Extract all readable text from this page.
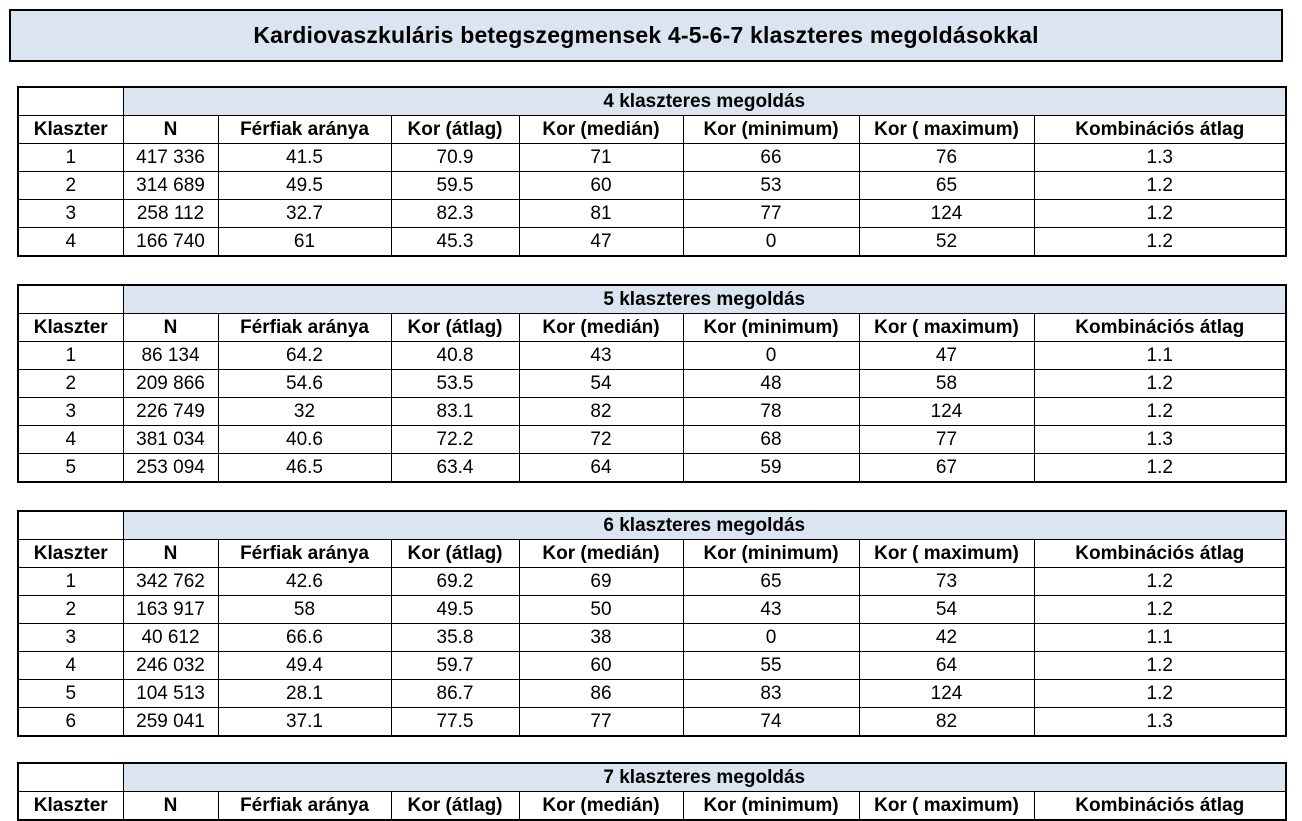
Kardiovaszkuláris betegszegmensek 4-5-6-7 klaszteres megoldásokkal
	4 klaszteres megoldás						
Klaszter	N	Férfiak aránya	Kor (átlag)	Kor (medián)	Kor (minimum)	Kor ( maximum)	Kombinációs átlag
1	417 336	41.5	70.9	71	66	76	1.3
2	314 689	49.5	59.5	60	53	65	1.2
3	258 112	32.7	82.3	81	77	124	1.2
4	166 740	61	45.3	47	0	52	1.2
	5 klaszteres megoldás						
Klaszter	N	Férfiak aránya	Kor (átlag)	Kor (medián)	Kor (minimum)	Kor ( maximum)	Kombinációs átlag
1	86 134	64.2	40.8	43	0	47	1.1
2	209 866	54.6	53.5	54	48	58	1.2
3	226 749	32	83.1	82	78	124	1.2
4	381 034	40.6	72.2	72	68	77	1.3
5	253 094	46.5	63.4	64	59	67	1.2
	6 klaszteres megoldás						
Klaszter	N	Férfiak aránya	Kor (átlag)	Kor (medián)	Kor (minimum)	Kor ( maximum)	Kombinációs átlag
1	342 762	42.6	69.2	69	65	73	1.2
2	163 917	58	49.5	50	43	54	1.2
3	40 612	66.6	35.8	38	0	42	1.1
4	246 032	49.4	59.7	60	55	64	1.2
5	104 513	28.1	86.7	86	83	124	1.2
6	259 041	37.1	77.5	77	74	82	1.3
	7 klaszteres megoldás						
Klaszter	N	Férfiak aránya	Kor (átlag)	Kor (medián)	Kor (minimum)	Kor ( maximum)	Kombinációs átlag
